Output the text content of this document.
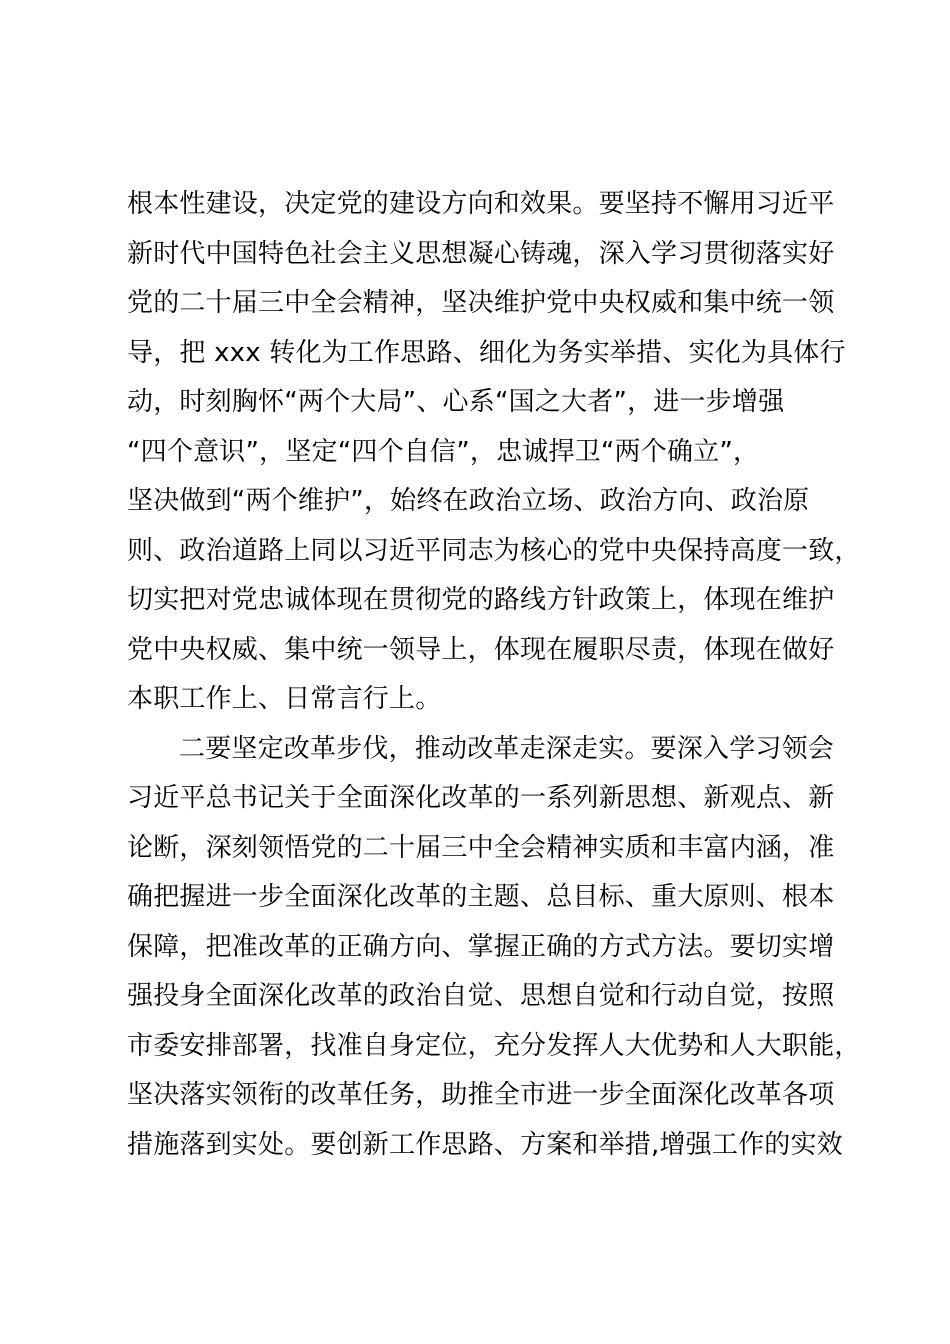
根本性建设，决定党的建设方向和效果。要坚持不懈用习近平
新时代中国特色社会主义思想凝心铸魂，深入学习贯彻落实好
党的二十届三中全会精神，坚决维护党中央权威和集中统一领
导，把 xxx 转化为工作思路、细化为务实举措、实化为具体行
动，时刻胸怀“两个大局”、心系“国之大者”，进一步增强
“四个意识”，坚定“四个自信”，忠诚捍卫“两个确立”，
坚决做到“两个维护”，始终在政治立场、政治方向、政治原
则、政治道路上同以习近平同志为核心的党中央保持高度一致，
切实把对党忠诚体现在贯彻党的路线方针政策上，体现在维护
党中央权威、集中统一领导上，体现在履职尽责，体现在做好
本职工作上、日常言行上。
二要坚定改革步伐，推动改革走深走实。要深入学习领会
习近平总书记关于全面深化改革的一系列新思想、新观点、新
论断，深刻领悟党的二十届三中全会精神实质和丰富内涵，准
确把握进一步全面深化改革的主题、总目标、重大原则、根本
保障，把准改革的正确方向、掌握正确的方式方法。要切实增
强投身全面深化改革的政治自觉、思想自觉和行动自觉，按照
市委安排部署，找准自身定位，充分发挥人大优势和人大职能，
坚决落实领衔的改革任务，助推全市进一步全面深化改革各项
措施落到实处。要创新工作思路、方案和举措,增强工作的实效
